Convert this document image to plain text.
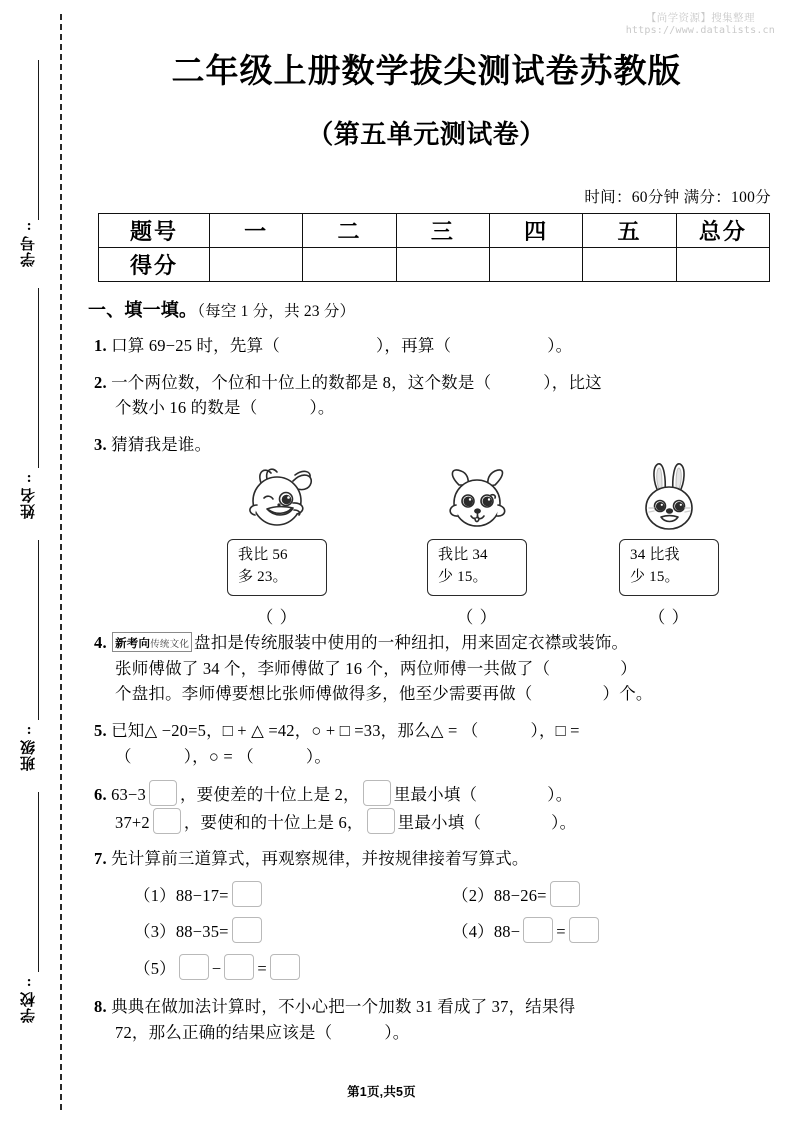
【尚学资源】搜集整理
https://www.datalists.cn
学号:
姓名:
班级:
学校:
二年级上册数学拔尖测试卷苏教版
（第五单元测试卷）
时间：60分钟 满分：100分
题号	一	二	三	四	五	总分
得分						
一、填一填。（每空 1 分，共 23 分）
1. 口算 69−25 时，先算（	），再算（	）。
2. 一个两位数，个位和十位上的数都是 8，这个数是（	），比这
个数小 16 的数是（	）。
3. 猜猜我是谁。
我比 56
多 23。
（ ）
我比 34
少 15。
（ ）
34 比我
少 15。
（ ）
4. 新考向传统文化 盘扣是传统服装中使用的一种纽扣，用来固定衣襟或装饰。
张师傅做了 34 个，李师傅做了 16 个，两位师傅一共做了（	）
个盘扣。李师傅要想比张师傅做得多，他至少需要再做（	）个。
5. 已知△ −20=5，□ + △ =42，○ + □ =33，那么△ = （	），□ =
（	），○ = （	）。
6. 63−3 ，要使差的十位上是 2， 里最小填（	）。
37+2 ，要使和的十位上是 6， 里最小填（	）。
7. 先计算前三道算式，再观察规律，并按规律接着写算式。
（1）88−17=	（2）88−26=
（3）88−35=	（4）88− =
（5） − =
8. 典典在做加法计算时，不小心把一个加数 31 看成了 37，结果得
72，那么正确的结果应该是（	）。
第1页,共5页
